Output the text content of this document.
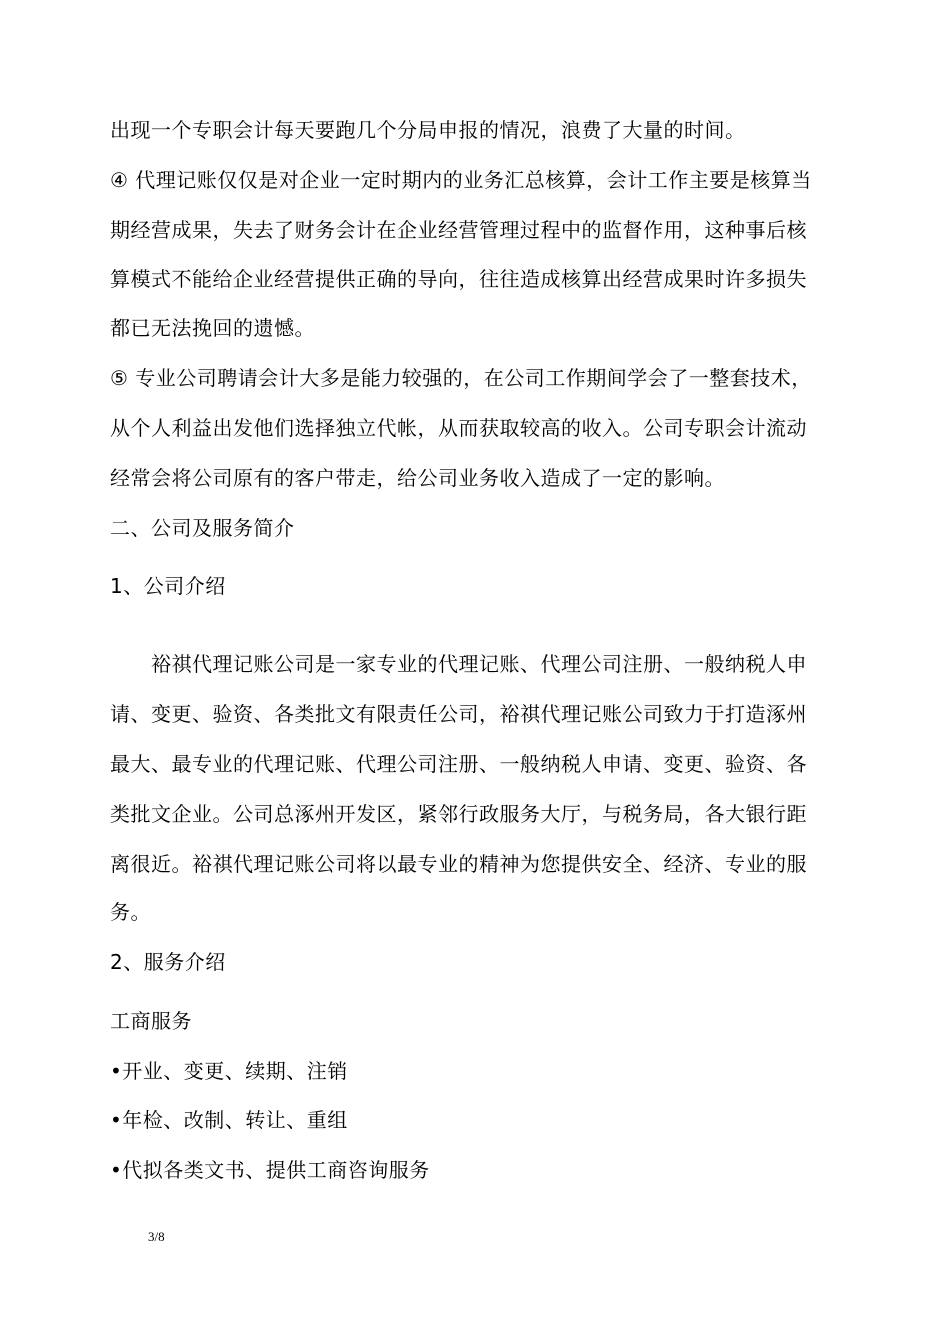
出现一个专职会计每天要跑几个分局申报的情况，浪费了大量的时间。
④ 代理记账仅仅是对企业一定时期内的业务汇总核算，会计工作主要是核算当
期经营成果，失去了财务会计在企业经营管理过程中的监督作用，这种事后核
算模式不能给企业经营提供正确的导向，往往造成核算出经营成果时许多损失
都已无法挽回的遗憾。
⑤ 专业公司聘请会计大多是能力较强的，在公司工作期间学会了一整套技术，
从个人利益出发他们选择独立代帐，从而获取较高的收入。公司专职会计流动
经常会将公司原有的客户带走，给公司业务收入造成了一定的影响。
二、公司及服务简介
1、公司介绍
　　裕祺代理记账公司是一家专业的代理记账、代理公司注册、一般纳税人申
请、变更、验资、各类批文有限责任公司，裕祺代理记账公司致力于打造涿州
最大、最专业的代理记账、代理公司注册、一般纳税人申请、变更、验资、各
类批文企业。公司总涿州开发区，紧邻行政服务大厅，与税务局，各大银行距
离很近。裕祺代理记账公司将以最专业的精神为您提供安全、经济、专业的服
务。
2、服务介绍
工商服务
•开业、变更、续期、注销
•年检、改制、转让、重组
•代拟各类文书、提供工商咨询服务
3/8
